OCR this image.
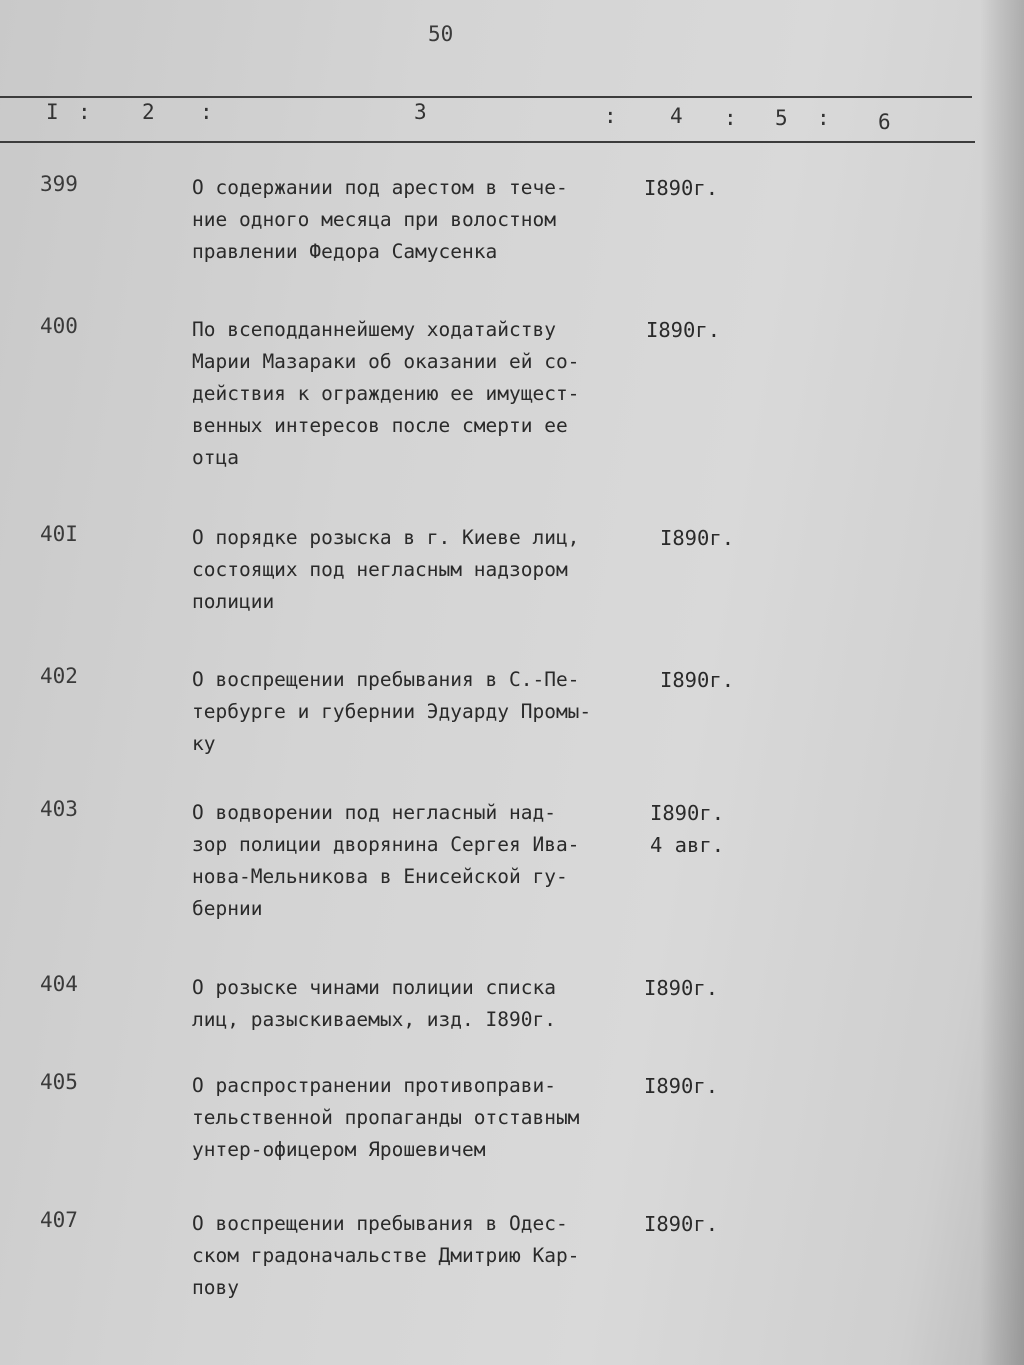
50
I : 2 :	3	:	4 : 5 : 6
399	О содержании под арестом в тече-
ние одного месяца при волостном
правлении Федора Самусенка
I890г.
400	По всеподданнейшему ходатайству
Марии Мазараки об оказании ей со-
действия к ограждению ее имущест-
венных интересов после смерти ее
отца
I890г.
40I	О порядке розыска в г. Киеве лиц,
состоящих под негласным надзором
полиции
I890г.
402	О воспрещении пребывания в С.-Пе-
тербурге и губернии Эдуарду Промы-
ку
I890г.
403	О водворении под негласный над-
зор полиции дворянина Сергея Ива-
нова-Мельникова в Енисейской гу-
бернии
I890г.
4 авг.
404	О розыске чинами полиции списка
лиц, разыскиваемых, изд. I890г.
I890г.
405	О распространении противоправи-
тельственной пропаганды отставным
унтер-офицером Ярошевичем
I890г.
407	О воспрещении пребывания в Одес-
ском градоначальстве Дмитрию Кар-
пову
I890г.
